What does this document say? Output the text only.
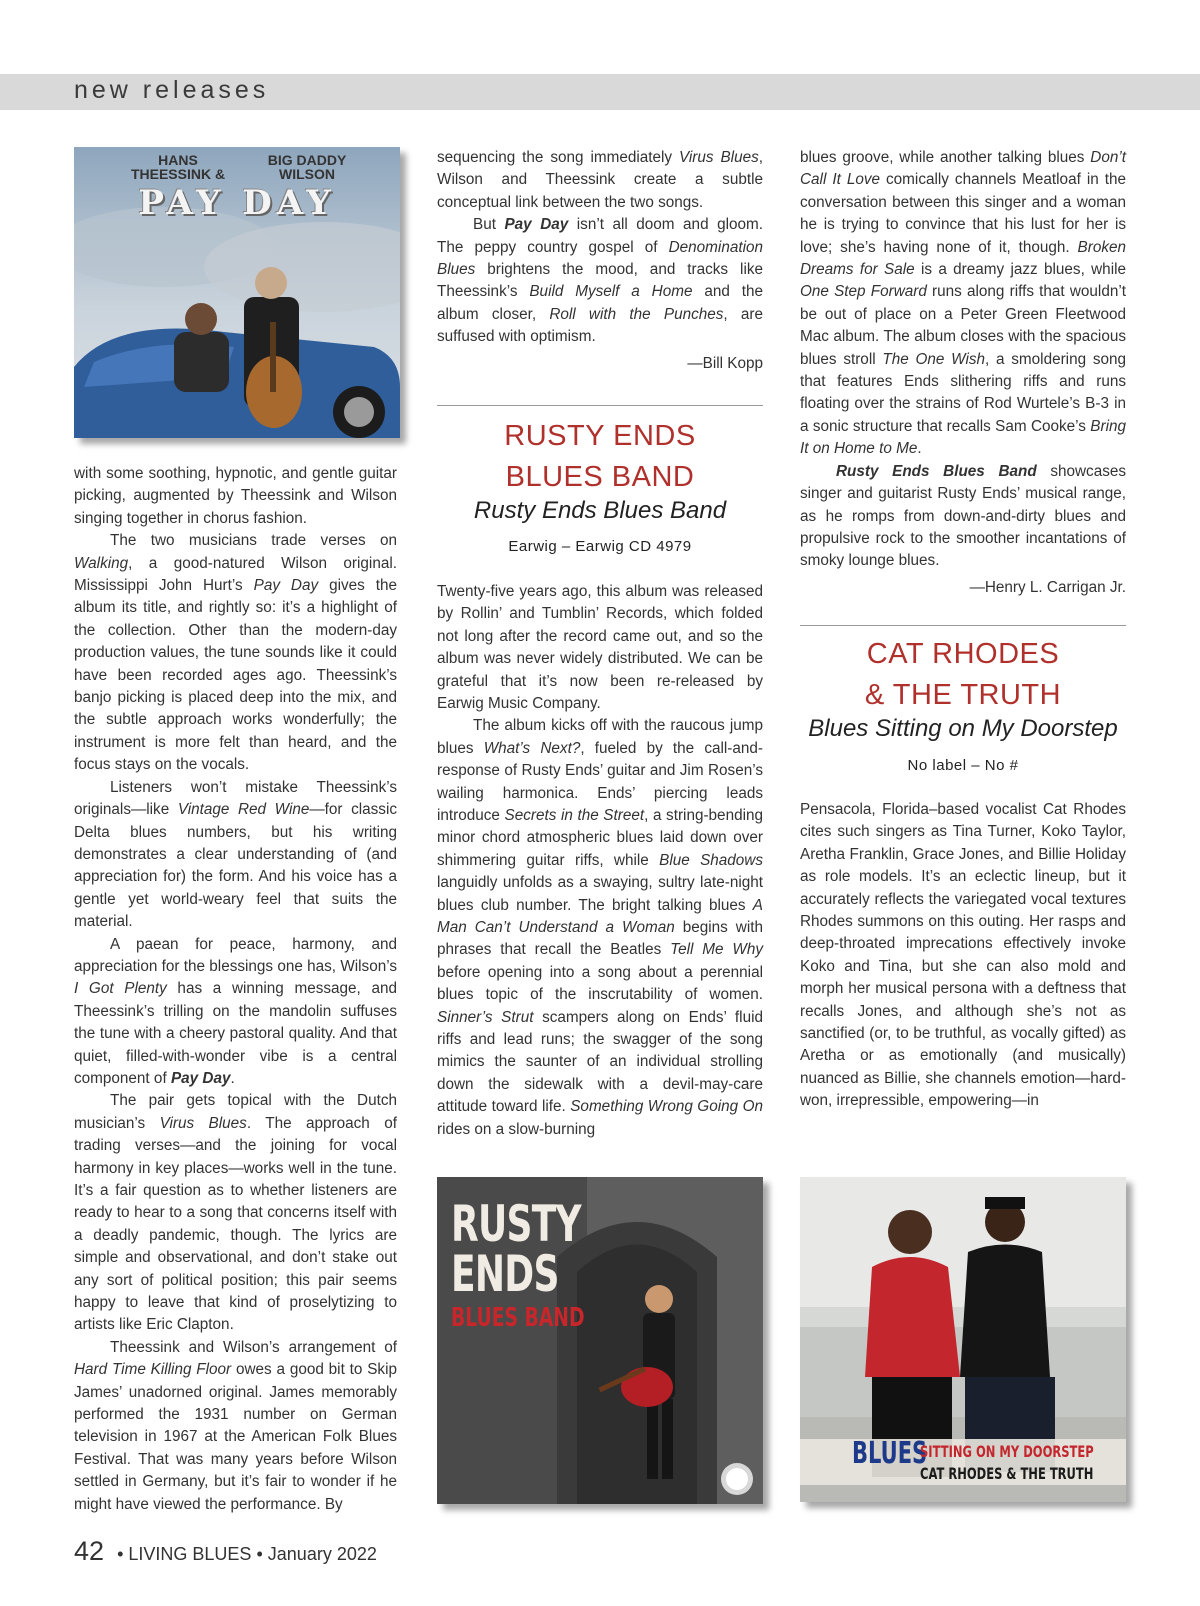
new releases
HANS
THEESSINK &
BIG DADDY
WILSON
PAY DAY

with some soothing, hypnotic, and gentle guitar picking, augmented by Theessink and Wilson singing together in chorus fashion.

The two musicians trade verses on Walking, a good-natured Wilson original. Mississippi John Hurt’s Pay Day gives the album its title, and rightly so: it’s a highlight of the collection. Other than the modern-day production values, the tune sounds like it could have been recorded ages ago. Theessink’s banjo picking is placed deep into the mix, and the subtle approach works wonderfully; the instrument is more felt than heard, and the focus stays on the vocals.

Listeners won’t mistake Theessink’s originals—like Vintage Red Wine—for classic Delta blues numbers, but his writing demonstrates a clear understanding of (and appreciation for) the form. And his voice has a gentle yet world-weary feel that suits the material.

A paean for peace, harmony, and appreciation for the blessings one has, Wilson’s I Got Plenty has a winning message, and Theessink’s trilling on the mandolin suffuses the tune with a cheery pastoral quality. And that quiet, filled-with-wonder vibe is a central component of Pay Day.

The pair gets topical with the Dutch musician’s Virus Blues. The approach of trading verses—and the joining for vocal harmony in key places—works well in the tune. It’s a fair question as to whether listeners are ready to hear to a song that concerns itself with a deadly pandemic, though. The lyrics are simple and observational, and don’t stake out any sort of political position; this pair seems happy to leave that kind of proselytizing to artists like Eric Clapton.

Theessink and Wilson’s arrangement of Hard Time Killing Floor owes a good bit to Skip James’ unadorned original. James memorably performed the 1931 number on German television in 1967 at the American Folk Blues Festival. That was many years before Wilson settled in Germany, but it’s fair to wonder if he might have viewed the performance. By

sequencing the song immediately Virus Blues, Wilson and Theessink create a subtle conceptual link between the two songs.

But Pay Day isn’t all doom and gloom. The peppy country gospel of Denomination Blues brightens the mood, and tracks like Theessink’s Build Myself a Home and the album closer, Roll with the Punches, are suffused with optimism.

—Bill Kopp

RUSTY ENDS
BLUES BAND

Rusty Ends Blues Band

Earwig – Earwig CD 4979

Twenty-five years ago, this album was released by Rollin’ and Tumblin’ Records, which folded not long after the record came out, and so the album was never widely distributed. We can be grateful that it’s now been re-released by Earwig Music Company.

The album kicks off with the raucous jump blues What’s Next?, fueled by the call-and-response of Rusty Ends’ guitar and Jim Rosen’s wailing harmonica. Ends’ piercing leads introduce Secrets in the Street, a string-bending minor chord atmospheric blues laid down over shimmering guitar riffs, while Blue Shadows languidly unfolds as a swaying, sultry late-night blues club number. The bright talking blues A Man Can’t Understand a Woman begins with phrases that recall the Beatles Tell Me Why before opening into a song about a perennial blues topic of the inscrutability of women. Sinner’s Strut scampers along on Ends’ fluid riffs and lead runs; the swagger of the song mimics the saunter of an individual strolling down the sidewalk with a devil-may-care attitude toward life. Something Wrong Going On rides on a slow-burning

RUSTY
ENDS
BLUES BAND

blues groove, while another talking blues Don’t Call It Love comically channels Meatloaf in the conversation between this singer and a woman he is trying to convince that his lust for her is love; she’s having none of it, though. Broken Dreams for Sale is a dreamy jazz blues, while One Step Forward runs along riffs that wouldn’t be out of place on a Peter Green Fleetwood Mac album. The album closes with the spacious blues stroll The One Wish, a smoldering song that features Ends slithering riffs and runs floating over the strains of Rod Wurtele’s B-3 in a sonic structure that recalls Sam Cooke’s Bring It on Home to Me.

Rusty Ends Blues Band showcases singer and guitarist Rusty Ends’ musical range, as he romps from down-and-dirty blues and propulsive rock to the smoother incantations of smoky lounge blues.

—Henry L. Carrigan Jr.

CAT RHODES
& THE TRUTH

Blues Sitting on My Doorstep

No label – No #

Pensacola, Florida–based vocalist Cat Rhodes cites such singers as Tina Turner, Koko Taylor, Aretha Franklin, Grace Jones, and Billie Holiday as role models. It’s an eclectic lineup, but it accurately reflects the variegated vocal textures Rhodes summons on this outing. Her rasps and deep-throated imprecations effectively invoke Koko and Tina, but she can also mold and morph her musical persona with a deftness that recalls Jones, and although she’s not as sanctified (or, to be truthful, as vocally gifted) as Aretha or as emotionally (and musically) nuanced as Billie, she channels emotion—hard-won, irrepressible, empowering—in

BLUES
SITTING ON MY DOORSTEP
CAT RHODES & THE TRUTH
42 • LIVING BLUES • January 2022
